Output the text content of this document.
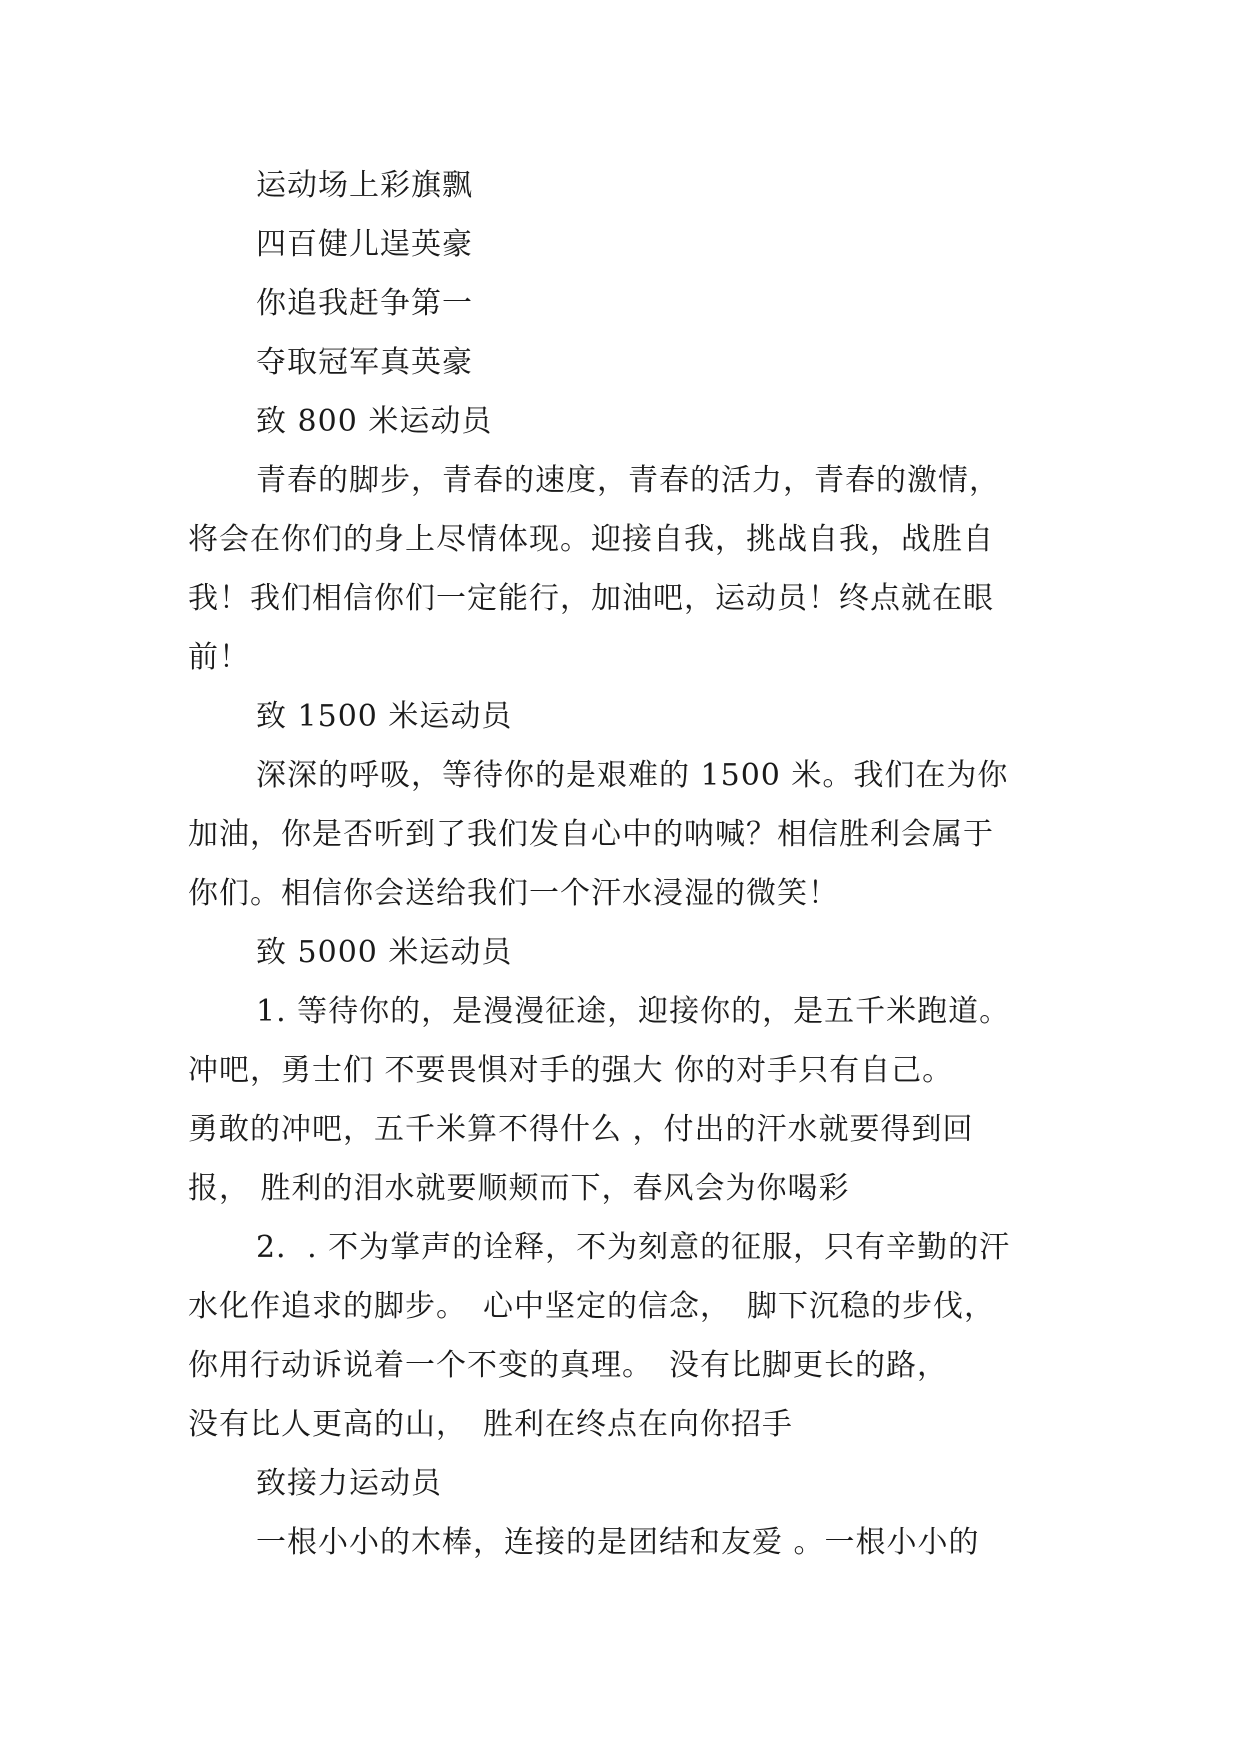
运动场上彩旗飘
四百健儿逞英豪
你追我赶争第一
夺取冠军真英豪
致 800 米运动员
青春的脚步，青春的速度，青春的活力，青春的激情，
将会在你们的身上尽情体现。迎接自我，挑战自我，战胜自
我！我们相信你们一定能行，加油吧，运动员！终点就在眼
前！
致 1500 米运动员
深深的呼吸，等待你的是艰难的 1500 米。我们在为你
加油，你是否听到了我们发自心中的呐喊？相信胜利会属于
你们。相信你会送给我们一个汗水浸湿的微笑！
致 5000 米运动员
1. 等待你的，是漫漫征途，迎接你的，是五千米跑道。
冲吧，勇士们 不要畏惧对手的强大 你的对手只有自己。
勇敢的冲吧，五千米算不得什么 ，付出的汗水就要得到回
报， 胜利的泪水就要顺颊而下，春风会为你喝彩
2．. 不为掌声的诠释，不为刻意的征服，只有辛勤的汗
水化作追求的脚步。　心中坚定的信念，　脚下沉稳的步伐，
你用行动诉说着一个不变的真理。　没有比脚更长的路，
没有比人更高的山，　胜利在终点在向你招手
致接力运动员
一根小小的木棒，连接的是团结和友爱 。一根小小的
